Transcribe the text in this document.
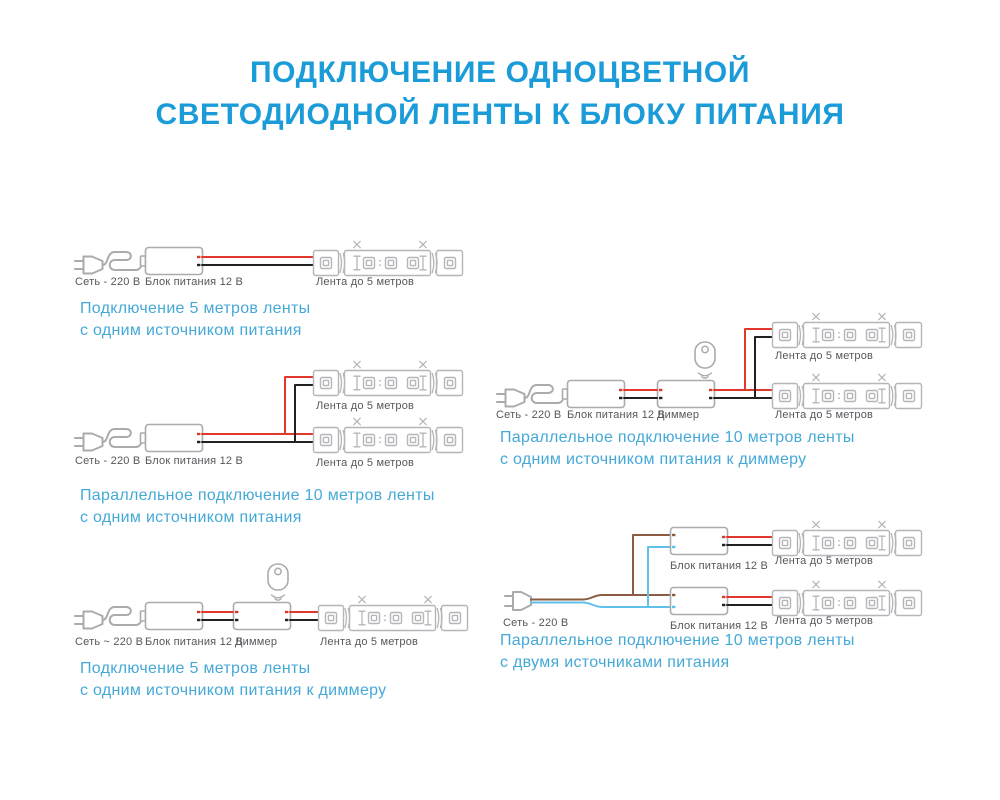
ПОДКЛЮЧЕНИЕ ОДНОЦВЕТНОЙ
СВЕТОДИОДНОЙ ЛЕНТЫ К БЛОКУ ПИТАНИЯ
Сеть - 220 В Блок питания 12 В	Лента до 5 метров
Подключение 5 метров ленты
с одним источником питания
Лента до 5 метров
Сеть - 220 В Блок питания 12 В	Лента до 5 метров
Параллельное подключение 10 метров ленты
с одним источником питания
Сеть ~ 220 В Блок питания 12 В
Диммер	Лента до 5 метров
Подключение 5 метров ленты
с одним источником питания к диммеру
Лента до 5 метров
Сеть - 220 В Блок питания 12 В
Диммер	Лента до 5 метров
Параллельное подключение 10 метров ленты
с одним источником питания к диммеру
Лента до 5 метров
Блок питания 12 В
Сеть - 220 В	Лента до 5 метров
Блок питания 12 В
Параллельное подключение 10 метров ленты
с двумя источниками питания
